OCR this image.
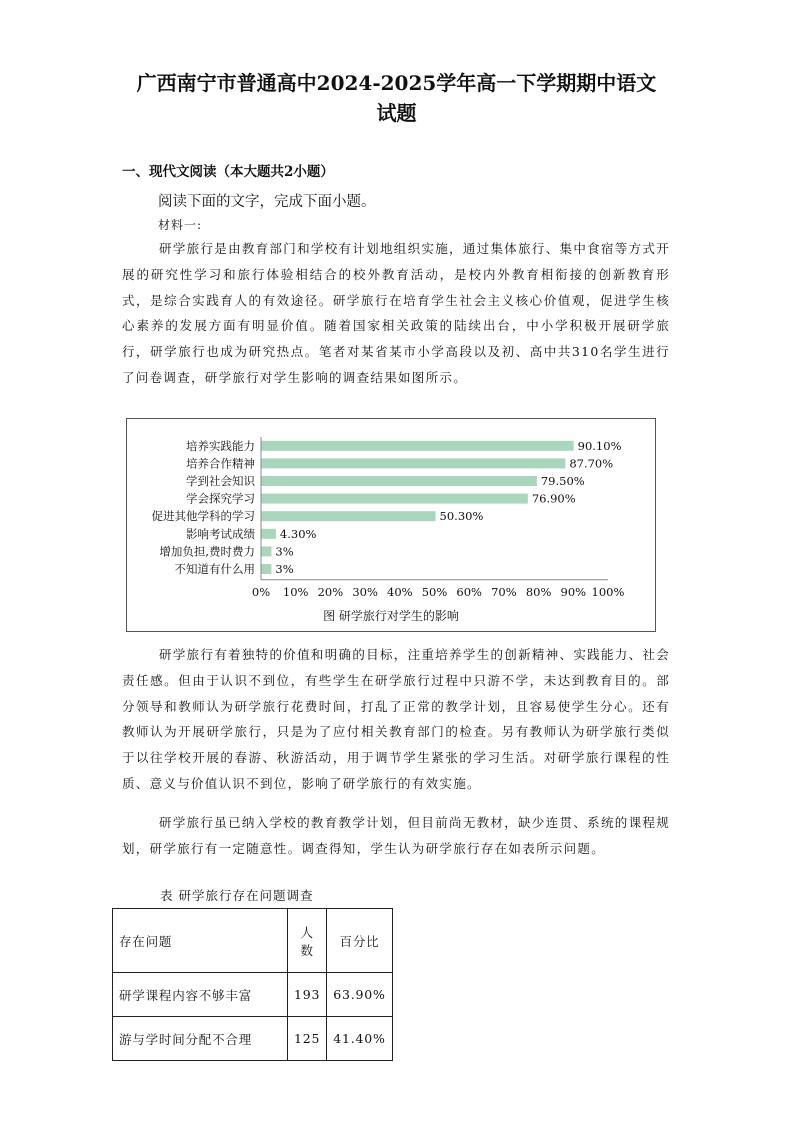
广西南宁市普通高中2024-2025学年高一下学期期中语文
试题
一、现代文阅读（本大题共2小题）
阅读下面的文字，完成下面小题。
材料一:

研学旅行是由教育部门和学校有计划地组织实施，通过集体旅行、集中食宿等方式开展的研究性学习和旅行体验相结合的校外教育活动，是校内外教育相衔接的创新教育形式，是综合实践育人的有效途径。研学旅行在培育学生社会主义核心价值观，促进学生核心素养的发展方面有明显价值。随着国家相关政策的陆续出台，中小学积极开展研学旅行，研学旅行也成为研究热点。笔者对某省某市小学高段以及初、高中共310名学生进行了问卷调查，研学旅行对学生影响的调查结果如图所示。

培养实践能力	90.10%
培养合作精神	87.70%
学到社会知识	79.50%
学会探究学习	76.90%
促进其他学科的学习	50.30%
影响考试成绩 4.30%
增加负担,费时费力 3%
不知道有什么用 3%
0% 10% 20% 30% 40% 50% 60% 70% 80% 90% 100%
图 研学旅行对学生的影响

研学旅行有着独特的价值和明确的目标，注重培养学生的创新精神、实践能力、社会责任感。但由于认识不到位，有些学生在研学旅行过程中只游不学，未达到教育目的。部分领导和教师认为研学旅行花费时间，打乱了正常的教学计划，且容易使学生分心。还有教师认为开展研学旅行，只是为了应付相关教育部门的检查。另有教师认为研学旅行类似于以往学校开展的春游、秋游活动，用于调节学生紧张的学习生活。对研学旅行课程的性质、意义与价值认识不到位，影响了研学旅行的有效实施。

研学旅行虽已纳入学校的教育教学计划，但目前尚无教材，缺少连贯、系统的课程规划，研学旅行有一定随意性。调查得知，学生认为研学旅行存在如表所示问题。

表 研学旅行存在问题调查
存在问题	人数	百分比
研学课程内容不够丰富	193	63.90%
游与学时间分配不合理	125	41.40%
